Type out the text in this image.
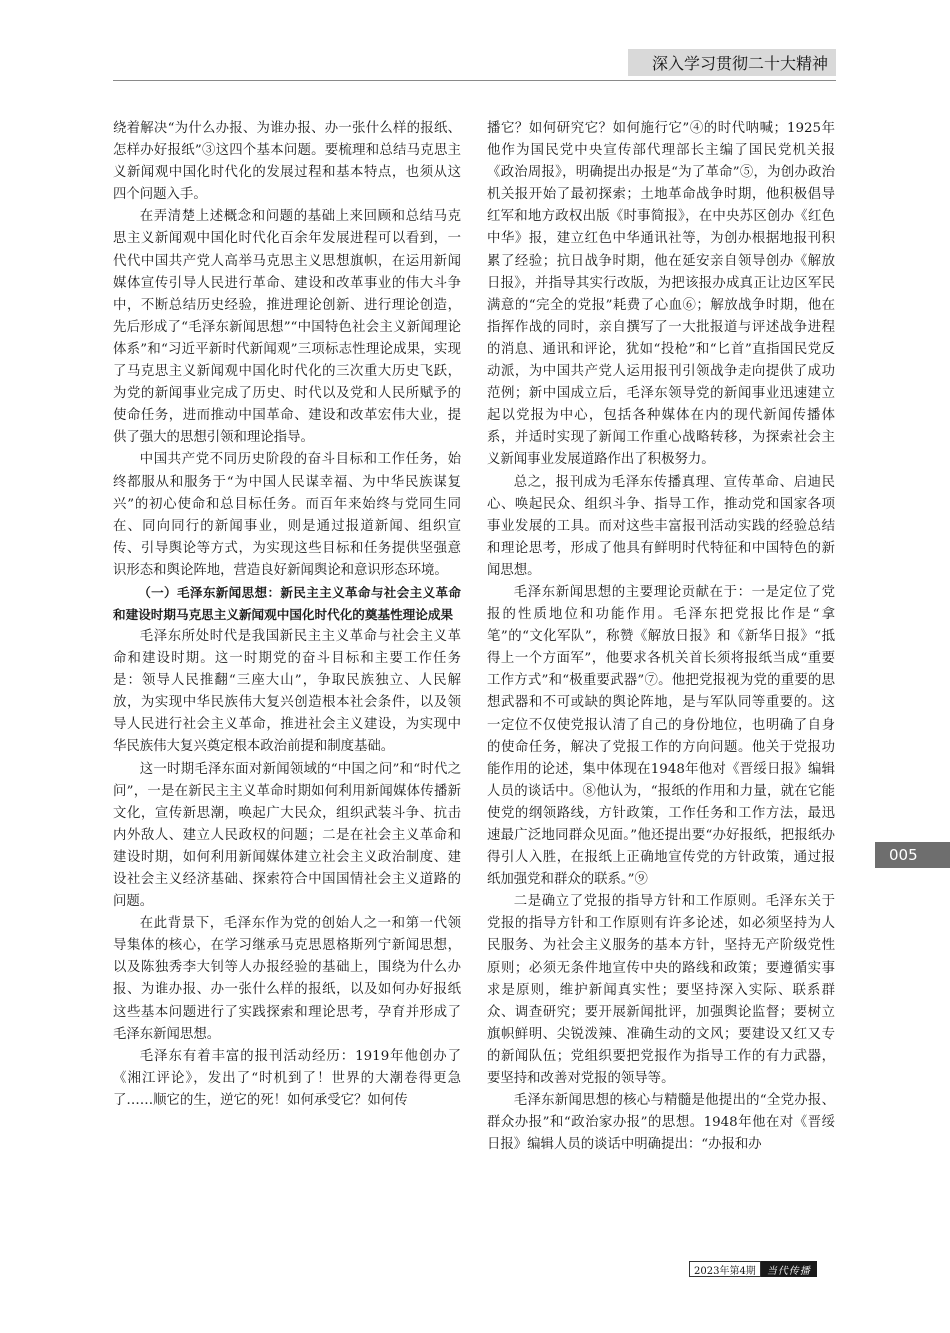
深入学习贯彻二十大精神

绕着解决“为什么办报、为谁办报、办一张什么样的报纸、怎样办好报纸”③这四个基本问题。要梳理和总结马克思主义新闻观中国化时代化的发展过程和基本特点，也须从这四个问题入手。

在弄清楚上述概念和问题的基础上来回顾和总结马克思主义新闻观中国化时代化百余年发展进程可以看到，一代代中国共产党人高举马克思主义思想旗帜，在运用新闻媒体宣传引导人民进行革命、建设和改革事业的伟大斗争中，不断总结历史经验，推进理论创新、进行理论创造，先后形成了“毛泽东新闻思想”“中国特色社会主义新闻理论体系”和“习近平新时代新闻观”三项标志性理论成果，实现了马克思主义新闻观中国化时代化的三次重大历史飞跃，为党的新闻事业完成了历史、时代以及党和人民所赋予的使命任务，进而推动中国革命、建设和改革宏伟大业，提供了强大的思想引领和理论指导。

中国共产党不同历史阶段的奋斗目标和工作任务，始终都服从和服务于“为中国人民谋幸福、为中华民族谋复兴”的初心使命和总目标任务。而百年来始终与党同生同在、同向同行的新闻事业，则是通过报道新闻、组织宣传、引导舆论等方式，为实现这些目标和任务提供坚强意识形态和舆论阵地，营造良好新闻舆论和意识形态环境。

（一）毛泽东新闻思想：新民主主义革命与社会主义革命和建设时期马克思主义新闻观中国化时代化的奠基性理论成果

毛泽东所处时代是我国新民主主义革命与社会主义革命和建设时期。这一时期党的奋斗目标和主要工作任务是：领导人民推翻“三座大山”，争取民族独立、人民解放，为实现中华民族伟大复兴创造根本社会条件，以及领导人民进行社会主义革命，推进社会主义建设，为实现中华民族伟大复兴奠定根本政治前提和制度基础。

这一时期毛泽东面对新闻领域的“中国之问”和“时代之问”，一是在新民主主义革命时期如何利用新闻媒体传播新文化，宣传新思潮，唤起广大民众，组织武装斗争、抗击内外敌人、建立人民政权的问题；二是在社会主义革命和建设时期，如何利用新闻媒体建立社会主义政治制度、建设社会主义经济基础、探索符合中国国情社会主义道路的问题。

在此背景下，毛泽东作为党的创始人之一和第一代领导集体的核心，在学习继承马克思恩格斯列宁新闻思想，以及陈独秀李大钊等人办报经验的基础上，围绕为什么办报、为谁办报、办一张什么样的报纸，以及如何办好报纸这些基本问题进行了实践探索和理论思考，孕育并形成了毛泽东新闻思想。

毛泽东有着丰富的报刊活动经历：1919年他创办了《湘江评论》，发出了“时机到了！世界的大潮卷得更急了……顺它的生，逆它的死！如何承受它？如何传

播它？如何研究它？如何施行它”④的时代呐喊；1925年他作为国民党中央宣传部代理部长主编了国民党机关报《政治周报》，明确提出办报是“为了革命”⑤，为创办政治机关报开始了最初探索；土地革命战争时期，他积极倡导红军和地方政权出版《时事简报》，在中央苏区创办《红色中华》报，建立红色中华通讯社等，为创办根据地报刊积累了经验；抗日战争时期，他在延安亲自领导创办《解放日报》，并指导其实行改版，为把该报办成真正让边区军民满意的“完全的党报”耗费了心血⑥；解放战争时期，他在指挥作战的同时，亲自撰写了一大批报道与评述战争进程的消息、通讯和评论，犹如“投枪”和“匕首”直指国民党反动派，为中国共产党人运用报刊引领战争走向提供了成功范例；新中国成立后，毛泽东领导党的新闻事业迅速建立起以党报为中心，包括各种媒体在内的现代新闻传播体系，并适时实现了新闻工作重心战略转移，为探索社会主义新闻事业发展道路作出了积极努力。

总之，报刊成为毛泽东传播真理、宣传革命、启迪民心、唤起民众、组织斗争、指导工作，推动党和国家各项事业发展的工具。而对这些丰富报刊活动实践的经验总结和理论思考，形成了他具有鲜明时代特征和中国特色的新闻思想。

毛泽东新闻思想的主要理论贡献在于：一是定位了党报的性质地位和功能作用。毛泽东把党报比作是“拿笔”的“文化军队”，称赞《解放日报》和《新华日报》“抵得上一个方面军”，他要求各机关首长须将报纸当成“重要工作方式”和“极重要武器”⑦。他把党报视为党的重要的思想武器和不可或缺的舆论阵地，是与军队同等重要的。这一定位不仅使党报认清了自己的身份地位，也明确了自身的使命任务，解决了党报工作的方向问题。他关于党报功能作用的论述，集中体现在1948年他对《晋绥日报》编辑人员的谈话中。⑧他认为，“报纸的作用和力量，就在它能使党的纲领路线，方针政策，工作任务和工作方法，最迅速最广泛地同群众见面。”他还提出要“办好报纸，把报纸办得引人入胜，在报纸上正确地宣传党的方针政策，通过报纸加强党和群众的联系。”⑨

二是确立了党报的指导方针和工作原则。毛泽东关于党报的指导方针和工作原则有许多论述，如必须坚持为人民服务、为社会主义服务的基本方针，坚持无产阶级党性原则；必须无条件地宣传中央的路线和政策；要遵循实事求是原则，维护新闻真实性；要坚持深入实际、联系群众、调查研究；要开展新闻批评，加强舆论监督；要树立旗帜鲜明、尖锐泼辣、准确生动的文风；要建设又红又专的新闻队伍；党组织要把党报作为指导工作的有力武器，要坚持和改善对党报的领导等。

毛泽东新闻思想的核心与精髓是他提出的“全党办报、群众办报”和“政治家办报”的思想。1948年他在对《晋绥日报》编辑人员的谈话中明确提出：“办报和办

005
2023年第4期	当代传播
